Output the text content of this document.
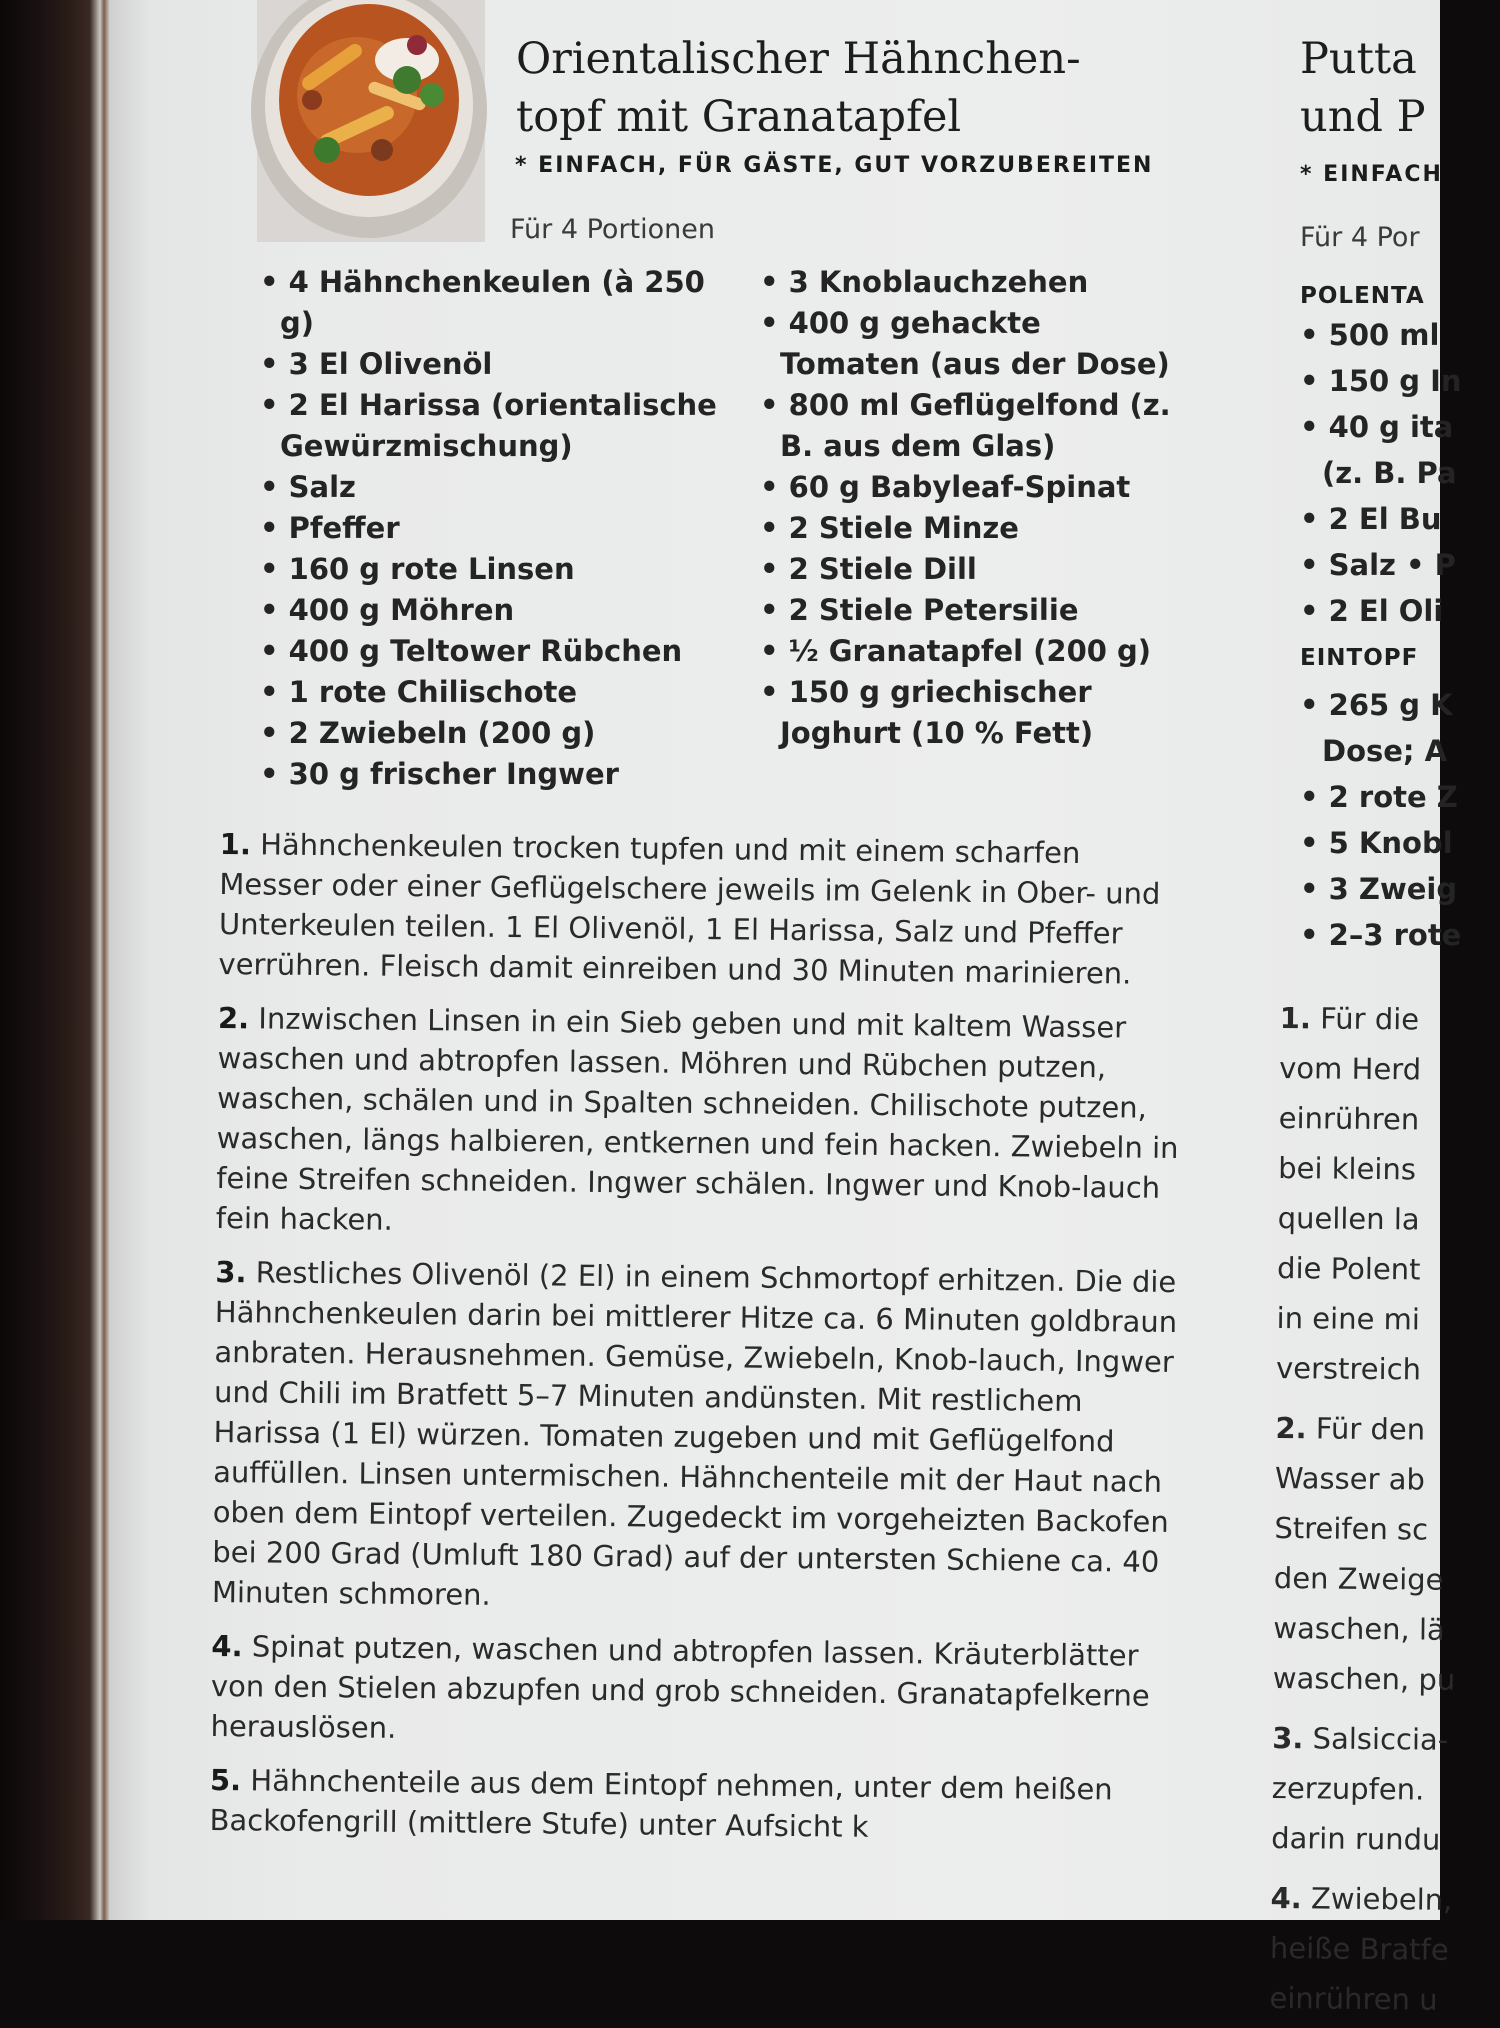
Orientalischer Hähnchen-
topf mit Granatapfel
* EINFACH, FÜR GÄSTE, GUT VORZUBEREITEN
Für 4 Portionen
• 4 Hähnchenkeulen (à 250 g)
• 3 El Olivenöl
• 2 El Harissa (orientalische Gewürzmischung)
• Salz
• Pfeffer
• 160 g rote Linsen
• 400 g Möhren
• 400 g Teltower Rübchen
• 1 rote Chilischote
• 2 Zwiebeln (200 g)
• 30 g frischer Ingwer
• 3 Knoblauchzehen
• 400 g gehackte Tomaten (aus der Dose)
• 800 ml Geflügelfond (z. B. aus dem Glas)
• 60 g Babyleaf-Spinat
• 2 Stiele Minze
• 2 Stiele Dill
• 2 Stiele Petersilie
• ½ Granatapfel (200 g)
• 150 g griechischer Joghurt (10 % Fett)

1. Hähnchenkeulen trocken tupfen und mit einem scharfen Messer oder einer Geflügelschere jeweils im Gelenk in Ober- und Unterkeulen teilen. 1 El Olivenöl, 1 El Harissa, Salz und Pfeffer verrühren. Fleisch damit einreiben und 30 Minuten marinieren.

2. Inzwischen Linsen in ein Sieb geben und mit kaltem Wasser waschen und abtropfen lassen. Möhren und Rübchen putzen, waschen, schälen und in Spalten schneiden. Chilischote putzen, waschen, längs halbieren, entkernen und fein hacken. Zwiebeln in feine Streifen schneiden. Ingwer schälen. Ingwer und Knob-lauch fein hacken.

3. Restliches Olivenöl (2 El) in einem Schmortopf erhitzen. Die die Hähnchenkeulen darin bei mittlerer Hitze ca. 6 Minuten goldbraun anbraten. Herausnehmen. Gemüse, Zwiebeln, Knob-lauch, Ingwer und Chili im Bratfett 5–7 Minuten andünsten. Mit restlichem Harissa (1 El) würzen. Tomaten zugeben und mit Geflügelfond auffüllen. Linsen untermischen. Hähnchenteile mit der Haut nach oben dem Eintopf verteilen. Zugedeckt im vorgeheizten Backofen bei 200 Grad (Umluft 180 Grad) auf der untersten Schiene ca. 40 Minuten schmoren.

4. Spinat putzen, waschen und abtropfen lassen. Kräuterblätter von den Stielen abzupfen und grob schneiden. Granatapfelkerne herauslösen.

5. Hähnchenteile aus dem Eintopf nehmen, unter dem heißen Backofengrill (mittlere Stufe) unter Aufsicht k

Putta
und P
* EINFACH
Für 4 Por
POLENTA
• 500 ml
• 150 g In
• 40 g ita
(z. B. Pa
• 2 El Bu
• Salz • P
• 2 El Oli
EINTOPF
• 265 g K
Dose; A
• 2 rote Z
• 5 Knobl
• 3 Zweig
• 2–3 rote

1. Für die

vom Herd

einrühren

bei kleins

quellen la

die Polent

in eine mi

verstreich

2. Für den

Wasser ab

Streifen sc

den Zweige

waschen, lä

waschen, pu

3. Salsiccia-

zerzupfen.

darin rundu

4. Zwiebeln,

heiße Bratfe

einrühren u
